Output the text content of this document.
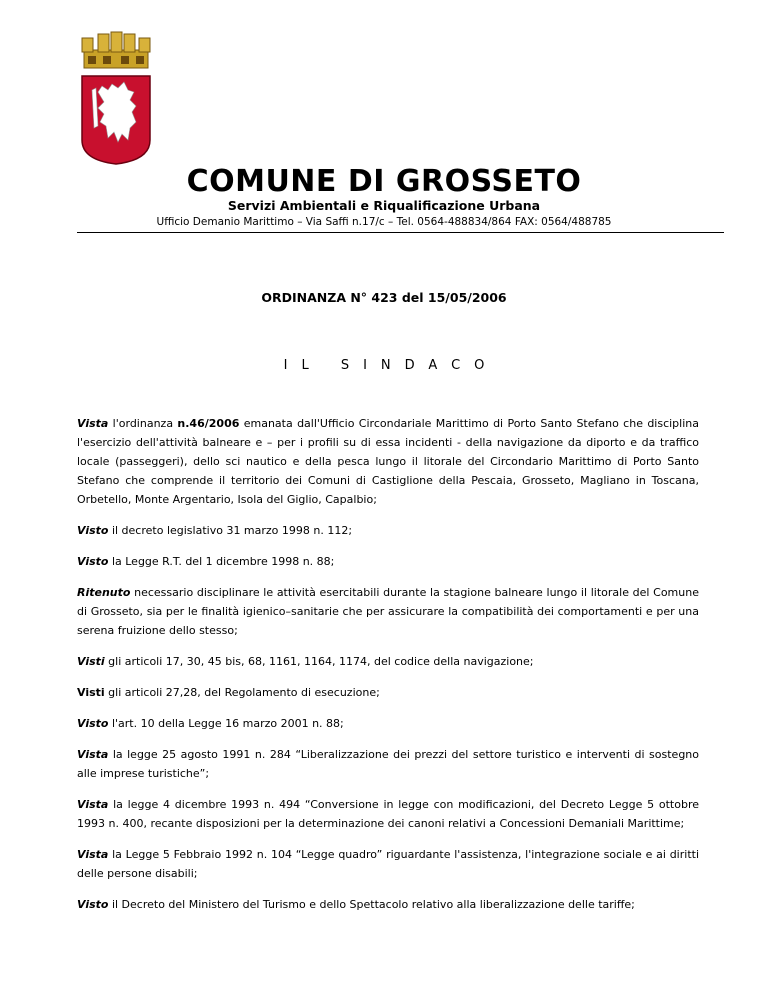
COMUNE DI GROSSETO
Servizi Ambientali e Riqualificazione Urbana
Ufficio Demanio Marittimo – Via Saffi n.17/c – Tel. 0564-488834/864 FAX: 0564/488785
ORDINANZA N° 423 del 15/05/2006
IL SINDACO

Vista l'ordinanza n.46/2006 emanata dall'Ufficio Circondariale Marittimo di Porto Santo Stefano che disciplina l'esercizio dell'attività balneare e – per i profili su di essa incidenti - della navigazione da diporto e da traffico locale (passeggeri), dello sci nautico e della pesca lungo il litorale del Circondario Marittimo di Porto Santo Stefano che comprende il territorio dei Comuni di Castiglione della Pescaia, Grosseto, Magliano in Toscana, Orbetello, Monte Argentario, Isola del Giglio, Capalbio;

Visto il decreto legislativo 31 marzo 1998 n. 112;

Visto la Legge R.T. del 1 dicembre 1998 n. 88;

Ritenuto necessario disciplinare le attività esercitabili durante la stagione balneare lungo il litorale del Comune di Grosseto, sia per le finalità igienico–sanitarie che per assicurare la compatibilità dei comportamenti e per una serena fruizione dello stesso;

Visti gli articoli 17, 30, 45 bis, 68, 1161, 1164, 1174, del codice della navigazione;

Visti gli articoli 27,28, del Regolamento di esecuzione;

Visto l'art. 10 della Legge 16 marzo 2001 n. 88;

Vista la legge 25 agosto 1991 n. 284 “Liberalizzazione dei prezzi del settore turistico e interventi di sostegno alle imprese turistiche”;

Vista la legge 4 dicembre 1993 n. 494 “Conversione in legge con modificazioni, del Decreto Legge 5 ottobre 1993 n. 400, recante disposizioni per la determinazione dei canoni relativi a Concessioni Demaniali Marittime;

Vista la Legge 5 Febbraio 1992 n. 104 “Legge quadro” riguardante l'assistenza, l'integrazione sociale e ai diritti delle persone disabili;

Visto il Decreto del Ministero del Turismo e dello Spettacolo relativo alla liberalizzazione delle tariffe;
